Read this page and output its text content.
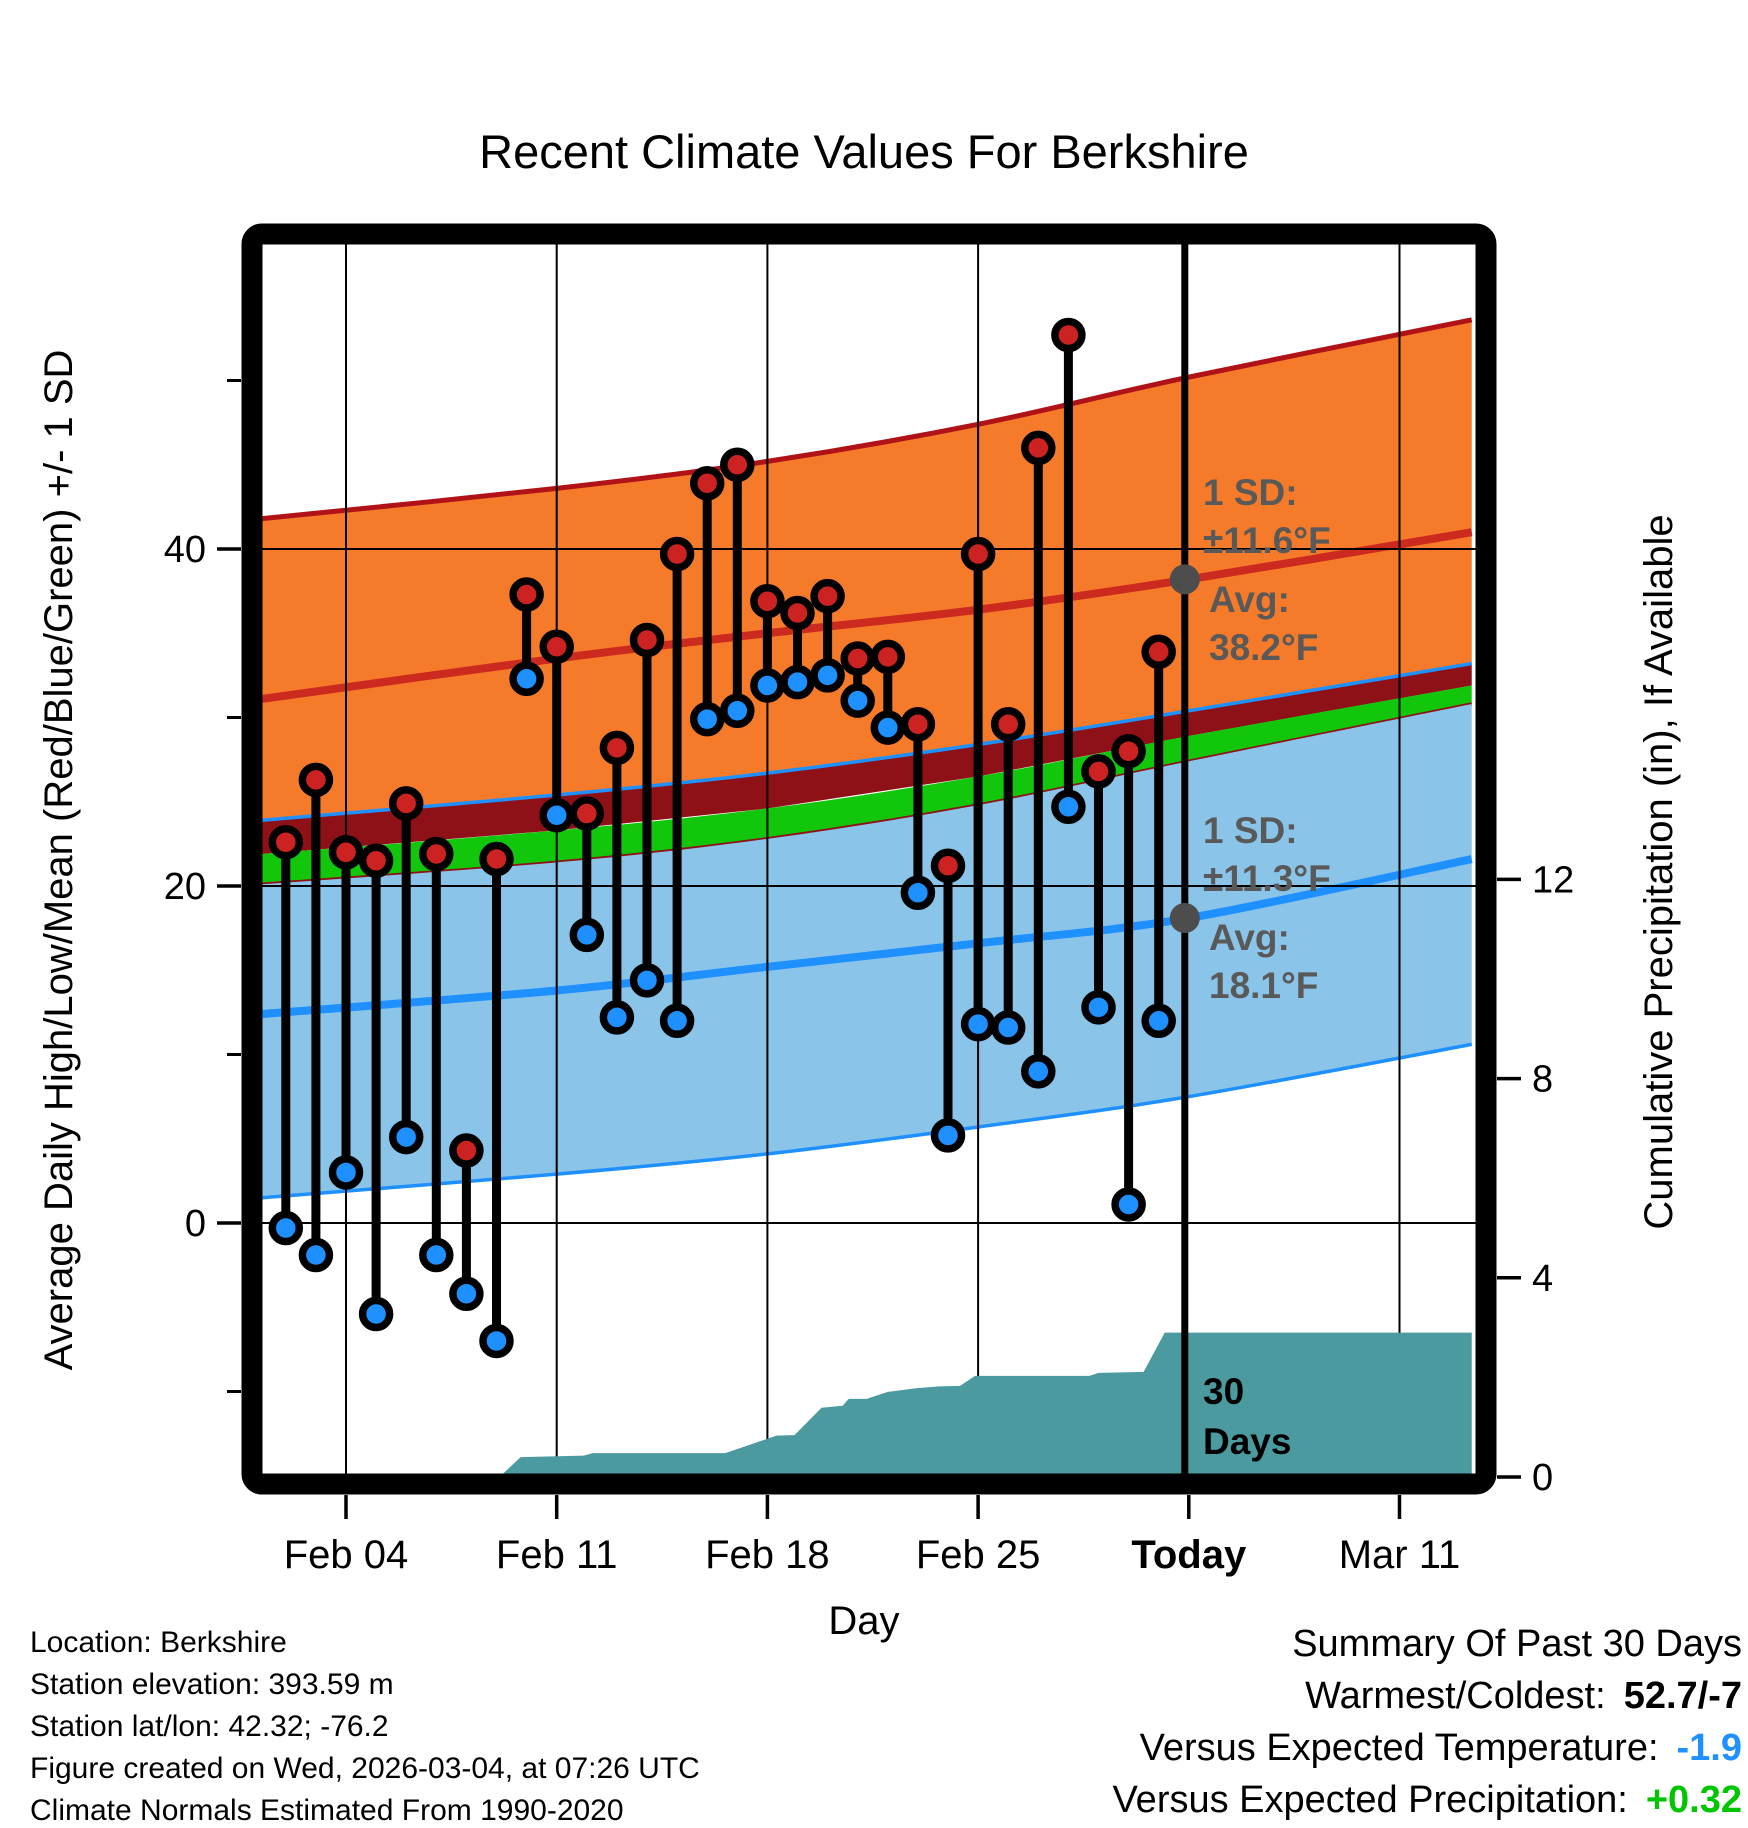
0
20
40
0
4
8
12
Feb 04 Feb 11 Feb 18 Feb 25 Today Mar 11
Recent Climate Values For Berkshire
Average Daily High/Low/Mean (Red/Blue/Green) +/- 1 SD	Cumulative Precipitation (in), If Available
Day
1 SD:
±11.6°F
Avg:
38.2°F
1 SD:
±11.3°F
Avg:
18.1°F
30
Days
Location: Berkshire
Station elevation: 393.59 m
Station lat/lon: 42.32; -76.2
Figure created on Wed, 2026-03-04, at 07:26 UTC
Climate Normals Estimated From 1990-2020
Summary Of Past 30 Days
Warmest/Coldest: 52.7/-7
Versus Expected Temperature: -1.9
Versus Expected Precipitation: +0.32
